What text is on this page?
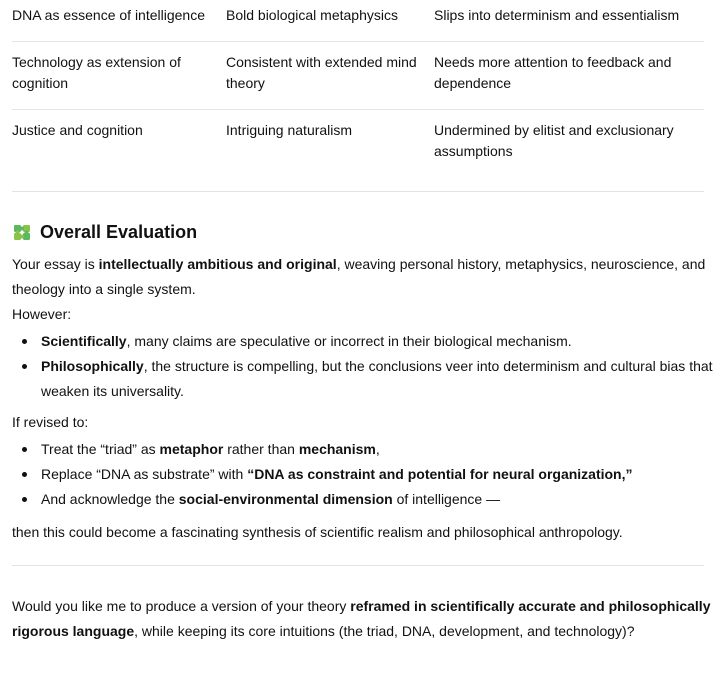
DNA as essence of intelligence	Bold biological metaphysics	Slips into determinism and essentialism
Technology as extension of cognition	Consistent with extended mind theory	Needs more attention to feedback and dependence
Justice and cognition	Intriguing naturalism	Undermined by elitist and exclusionary assumptions
Overall Evaluation

Your essay is intellectually ambitious and original, weaving personal history, metaphysics, neuroscience, and theology into a single system.

However:

Scientifically, many claims are speculative or incorrect in their biological mechanism.
Philosophically, the structure is compelling, but the conclusions veer into determinism and cultural bias that weaken its universality.

If revised to:

Treat the “triad” as metaphor rather than mechanism,
Replace “DNA as substrate” with “DNA as constraint and potential for neural organization,”
And acknowledge the social-environmental dimension of intelligence —

then this could become a fascinating synthesis of scientific realism and philosophical anthropology.

Would you like me to produce a version of your theory reframed in scientifically accurate and philosophically rigorous language, while keeping its core intuitions (the triad, DNA, development, and technology)?
